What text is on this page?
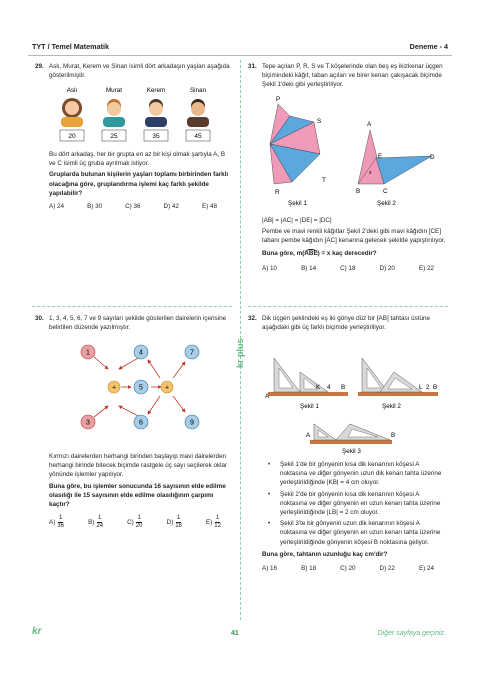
TYT / Temel Matematik	Deneme - 4
29. Aslı, Murat, Kerem ve Sinan isimli dört arkadaşın yaşları aşağıda gösterilmiştir.
Aslı	Murat	Kerem	Sinan
20	25	35	45
Bu dört arkadaş, her bir grupta en az bir kişi olmak şartıyla A, B ve C isimli üç gruba ayrılmak istiyor.
Gruplarda bulunan kişilerin yaşları toplamı birbirinden farklı olacağına göre, gruplandırma işlemi kaç farklı şekilde yapılabilir?
A) 24	B) 30	C) 36	D) 42	E) 48
30. 1, 3, 4, 5, 6, 7 ve 9 sayıları şekilde gösterilen dairelerin içerisine belirtilen düzende yazılmıştır.
1	4	7
+	5	+
3	6	9
Kırmızı dairelerden herhangi birinden başlayıp mavi dairelerden herhangi birinde bitecek biçimde rastgele üç sayı seçilerek oklar yönünde işlemler yapılıyor.
Buna göre, bu işlemler sonucunda 16 sayısının elde edilme olasılığı ile 15 sayısının elde edilme olasılığının çarpımı kaçtır?
A)
1
36
B)
1
24
C)
1
20
D)
1
18
E)
1
12
31. Tepe açıları P, R, S ve T köşelerinde olan beş eş ikizkenar üçgen biçimindeki kâğıt, taban açıları ve birer kenarı çakışacak biçimde Şekil 1'deki gibi yerleştiriliyor.
P
S
R
T
Şekil 1
A
E	D
x
B	C
Şekil 2
|AB| = |AC| = |DE| = |DC|
Pembe ve mavi renkli kâğıtlar Şekil 2'deki gibi mavi kâğıdın [CE] tabanı pembe kâğıdın [AC] kenarına gelecek şekilde yapıştırılıyor.
Buna göre, m(ABE) = x kaç derecedir?
A) 10	B) 14	C) 18	D) 20	E) 22
kr plus
32. Dik üçgen şeklindeki eş iki gönye düz bir [AB] tahtası üstüne aşağıdaki gibi üç farklı biçimde yerleştiriliyor.
A
K 4 B
Şekil 1
L 2 B
Şekil 2
A	B
Şekil 3
• Şekil 1'de bir gönyenin kısa dik kenarının köşesi A noktasına ve diğer gönyenin uzun dik kenarı tahta üzerine yerleştirildiğinde |KB| = 4 cm oluyor.
• Şekil 2'de bir gönyenin kısa dik kenarının köşesi A noktasına ve diğer gönyenin en uzun kenarı tahta üzerine yerleştirildiğinde |LB| = 2 cm oluyor.
• Şekil 3'te bir gönyenin uzun dik kenarının köşesi A noktasına ve diğer gönyenin en uzun kenarı tahta üzerine yerleştirildiğinde gönyenin köşesi B noktasına geliyor.
Buna göre, tahtanın uzunluğu kaç cm'dir?
A) 16	B) 18	C) 20	D) 22	E) 24
kr	41	Diğer sayfaya geçiniz.
